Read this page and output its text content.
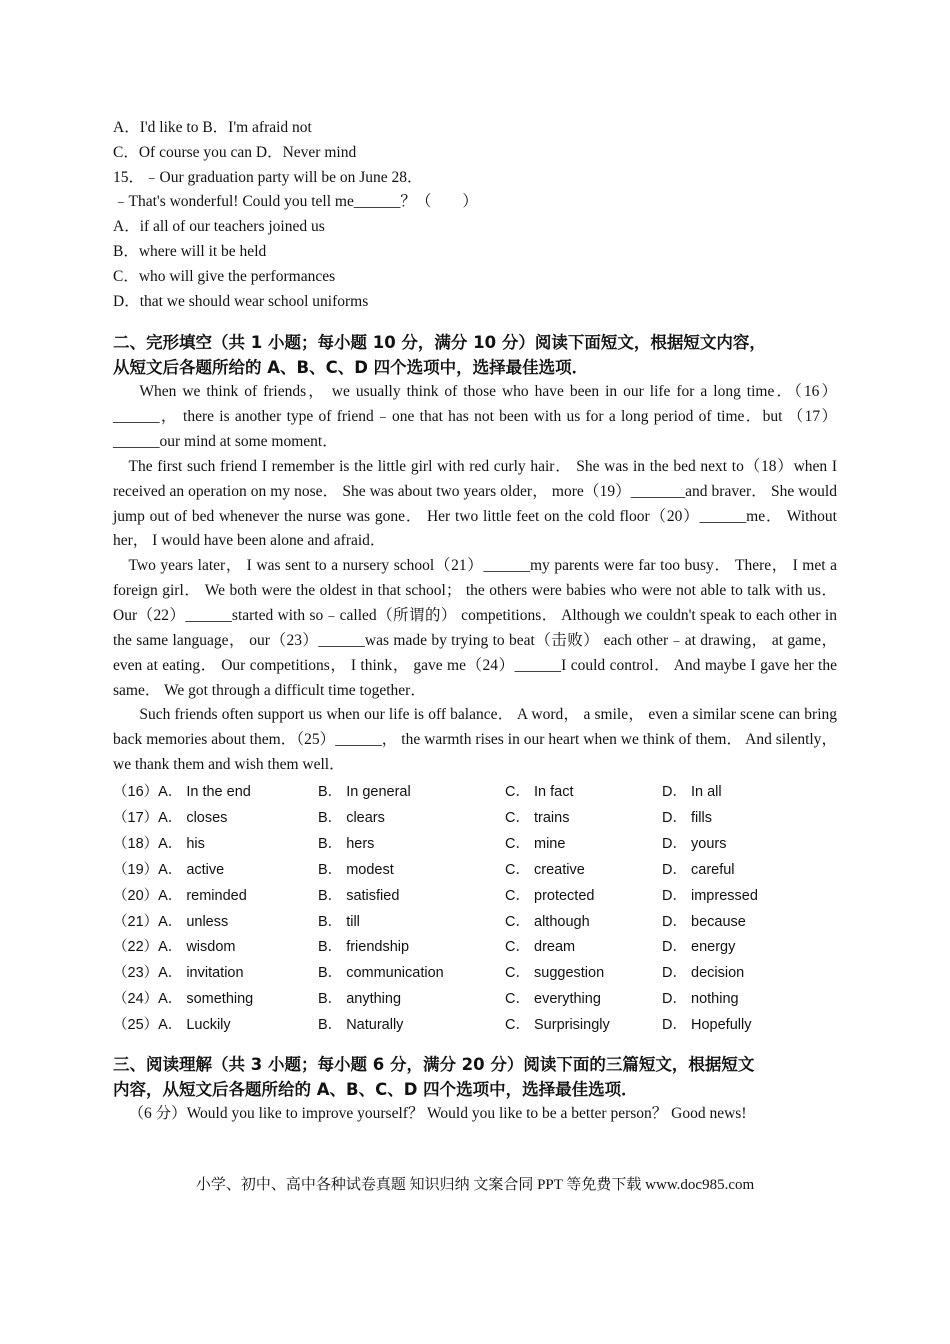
A．I'd like to B．I'm afraid not
C．Of course you can D．Never mind
15．﹣Our graduation party will be on June 28．
﹣That's wonderful! Could you tell me______？（　　）
A．if all of our teachers joined us
B．where will it be held
C．who will give the performances
D．that we should wear school uniforms
二、完形填空（共 1 小题；每小题 10 分，满分 10 分）阅读下面短文，根据短文内容，
从短文后各题所给的 A、B、C、D 四个选项中，选择最佳选项．
When we think of friends， we usually think of those who have been in our life for a long time．（16）______， there is another type of friend﹣one that has not been with us for a long period of time．but （17）______our mind at some moment．
The first such friend I remember is the little girl with red curly hair． She was in the bed next to（18）when I received an operation on my nose． She was about two years older， more（19）_______and braver． She would jump out of bed whenever the nurse was gone． Her two little feet on the cold floor（20）______me． Without her， I would have been alone and afraid．
Two years later， I was sent to a nursery school（21）______my parents were far too busy． There， I met a foreign girl． We both were the oldest in that school； the others were babies who were not able to talk with us． Our（22）______started with so﹣called（所谓的） competitions． Although we couldn't speak to each other in the same language， our（23）______was made by trying to beat（击败） each other﹣at drawing， at game， even at eating． Our competitions， I think， gave me（24）______I could control． And maybe I gave her the same． We got through a difficult time together．
Such friends often support us when our life is off balance． A word， a smile， even a similar scene can bring back memories about them．（25）______， the warmth rises in our heart when we think of them． And silently， we thank them and wish them well．
（16）A． In the end	B． In general	C． In fact	D． In all
（17）A． closes	B． clears	C． trains	D． fills
（18）A． his	B． hers	C． mine	D． yours
（19）A． active	B． modest	C． creative	D． careful
（20）A． reminded	B． satisfied	C． protected	D． impressed
（21）A． unless	B． till	C． although	D． because
（22）A． wisdom	B． friendship	C． dream	D． energy
（23）A． invitation	B． communication	C． suggestion	D． decision
（24）A． something	B． anything	C． everything	D． nothing
（25）A． Luckily	B． Naturally	C． Surprisingly	D． Hopefully
三、阅读理解（共 3 小题；每小题 6 分，满分 20 分）阅读下面的三篇短文，根据短文
内容，从短文后各题所给的 A、B、C、D 四个选项中，选择最佳选项．
（6 分）Would you like to improve yourself？ Would you like to be a better person？ Good news!
小学、初中、高中各种试卷真题 知识归纳 文案合同 PPT 等免费下载 www.doc985.com
